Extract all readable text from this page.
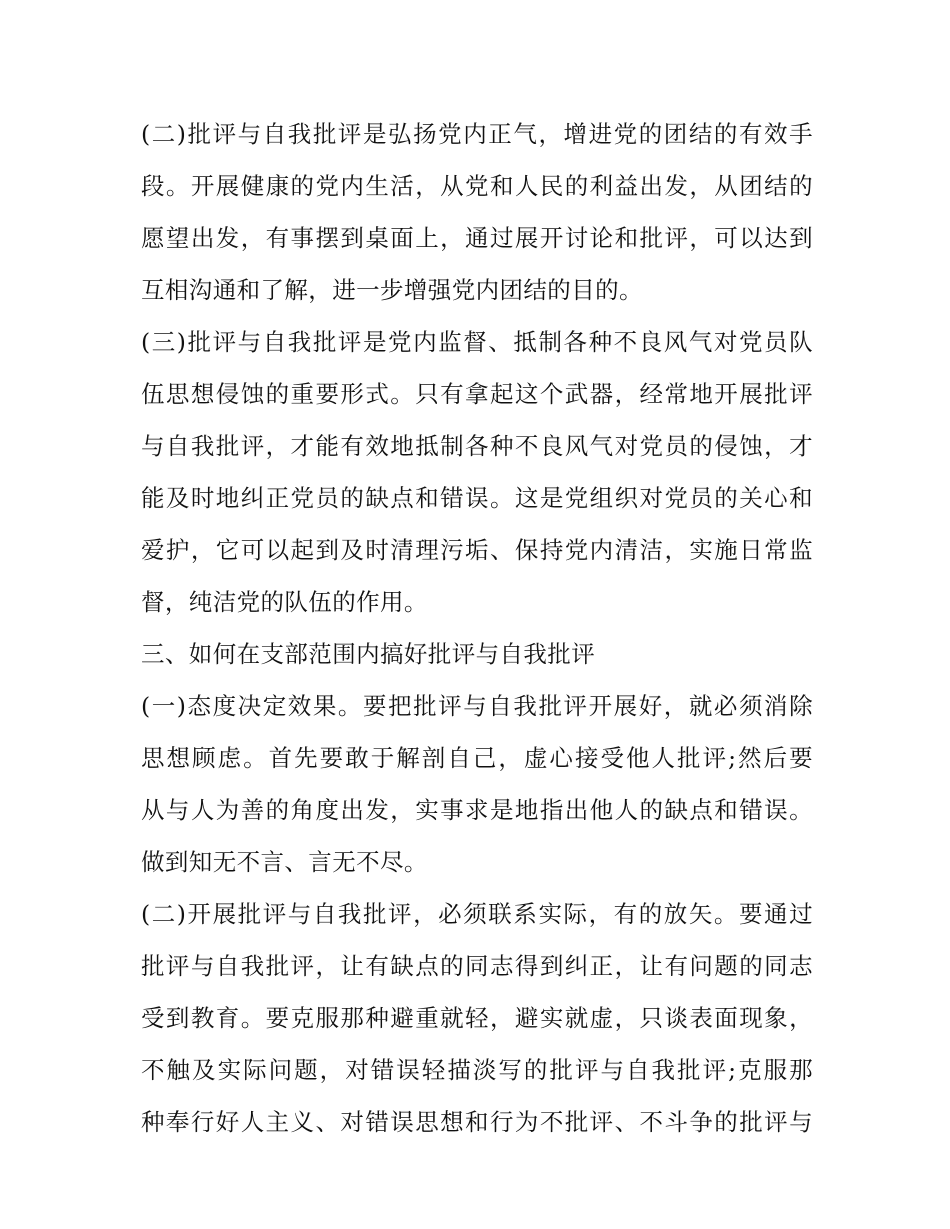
(二)批评与自我批评是弘扬党内正气，增进党的团结的有效手
段。开展健康的党内生活，从党和人民的利益出发，从团结的
愿望出发，有事摆到桌面上，通过展开讨论和批评，可以达到
互相沟通和了解，进一步增强党内团结的目的。
(三)批评与自我批评是党内监督、抵制各种不良风气对党员队
伍思想侵蚀的重要形式。只有拿起这个武器，经常地开展批评
与自我批评，才能有效地抵制各种不良风气对党员的侵蚀，才
能及时地纠正党员的缺点和错误。这是党组织对党员的关心和
爱护，它可以起到及时清理污垢、保持党内清洁，实施日常监
督，纯洁党的队伍的作用。
三、如何在支部范围内搞好批评与自我批评
(一)态度决定效果。要把批评与自我批评开展好，就必须消除
思想顾虑。首先要敢于解剖自己，虚心接受他人批评;然后要
从与人为善的角度出发，实事求是地指出他人的缺点和错误。
做到知无不言、言无不尽。
(二)开展批评与自我批评，必须联系实际，有的放矢。要通过
批评与自我批评，让有缺点的同志得到纠正，让有问题的同志
受到教育。要克服那种避重就轻，避实就虚，只谈表面现象，
不触及实际问题，对错误轻描淡写的批评与自我批评;克服那
种奉行好人主义、对错误思想和行为不批评、不斗争的批评与
